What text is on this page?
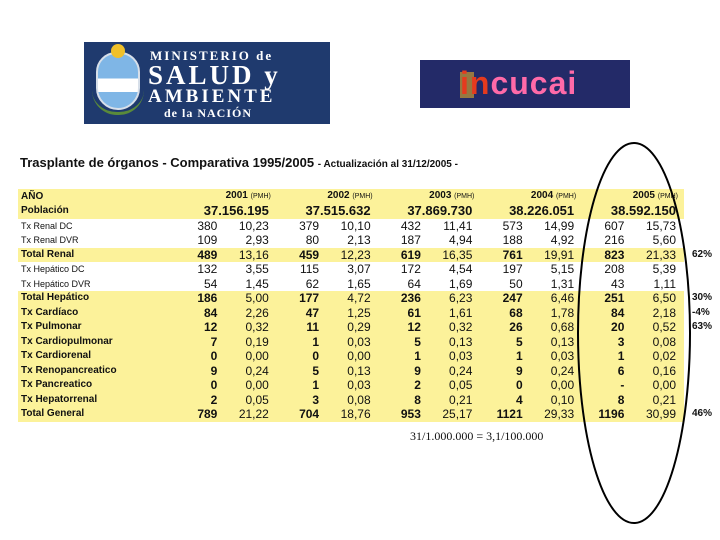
MINISTERIO de
SALUD y
AMBIENTE
de la NACIÓN
incucai
Trasplante de órganos - Comparativa 1995/2005 - Actualización al 31/12/2005 -
AÑO	2001 (PMH)		2002 (PMH)		2003 (PMH)		2004 (PMH)		2005 (PMH)	
Población	37.156.195		37.515.632		37.869.730		38.226.051		38.592.150	
Tx Renal DC	380	10,23	379	10,10	432	11,41	573	14,99	607	15,73
Tx Renal DVR	109	2,93	80	2,13	187	4,94	188	4,92	216	5,60
Total Renal	489	13,16	459	12,23	619	16,35	761	19,91	823	21,33
Tx Hepático DC	132	3,55	115	3,07	172	4,54	197	5,15	208	5,39
Tx Hepático DVR	54	1,45	62	1,65	64	1,69	50	1,31	43	1,11
Total Hepático	186	5,00	177	4,72	236	6,23	247	6,46	251	6,50
Tx Cardíaco	84	2,26	47	1,25	61	1,61	68	1,78	84	2,18
Tx Pulmonar	12	0,32	11	0,29	12	0,32	26	0,68	20	0,52
Tx Cardiopulmonar	7	0,19	1	0,03	5	0,13	5	0,13	3	0,08
Tx Cardiorenal	0	0,00	0	0,00	1	0,03	1	0,03	1	0,02
Tx Renopancreatico	9	0,24	5	0,13	9	0,24	9	0,24	6	0,16
Tx Pancreatico	0	0,00	1	0,03	2	0,05	0	0,00	-	0,00
Tx Hepatorrenal	2	0,05	3	0,08	8	0,21	4	0,10	8	0,21
Total General	789	21,22	704	18,76	953	25,17	1121	29,33	1196	30,99
62%
30%
-4%
63%
46%
31/1.000.000 = 3,1/100.000
